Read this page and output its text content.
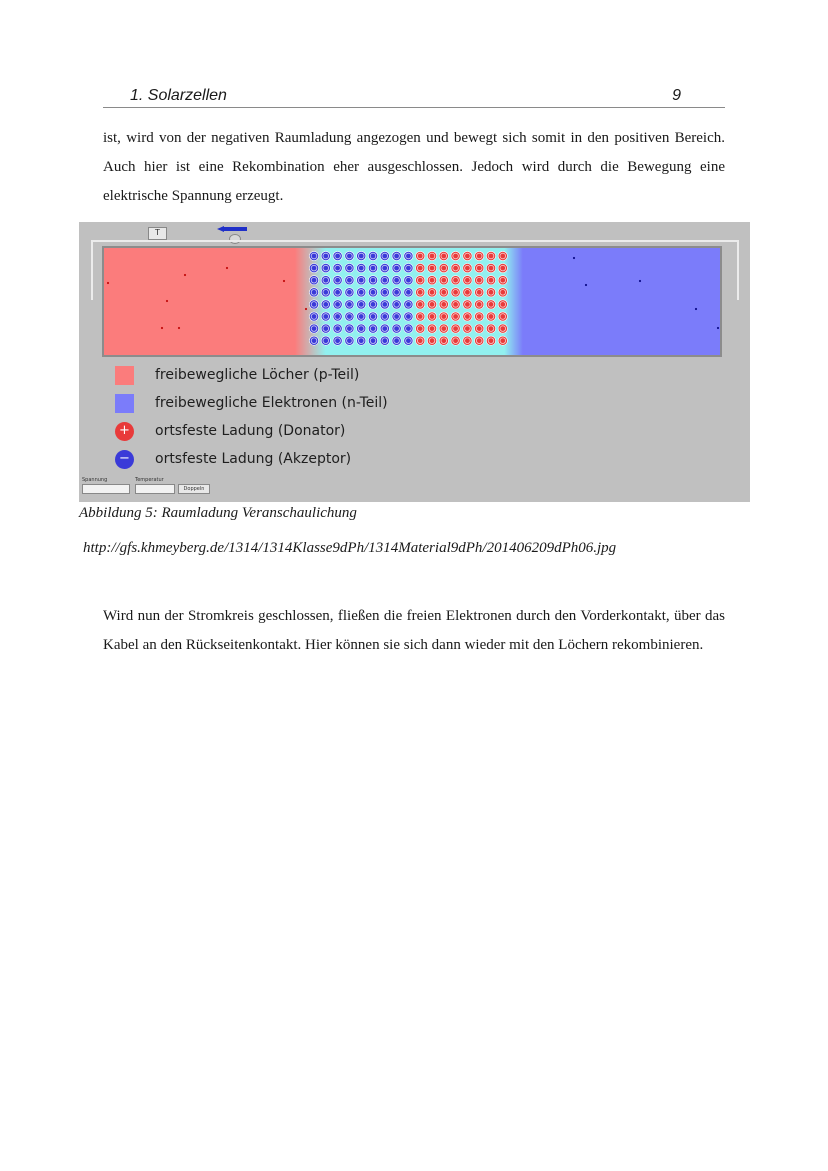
1. Solarzellen	9

ist, wird von der negativen Raumladung angezogen und bewegt sich somit in den positiven Bereich. Auch hier ist eine Rekombination eher ausgeschlossen. Jedoch wird durch die Bewegung eine elektrische Spannung erzeugt.

T
freibewegliche Löcher (p-Teil)
freibewegliche Elektronen (n-Teil)
+ ortsfeste Ladung (Donator)
− ortsfeste Ladung (Akzeptor)
Spannung	Temperatur
Doppeln
Abbildung 5: Raumladung Veranschaulichung
http://gfs.khmeyberg.de/1314/1314Klasse9dPh/1314Material9dPh/201406209dPh06.jpg

Wird nun der Stromkreis geschlossen, fließen die freien Elektronen durch den Vorderkontakt, über das Kabel an den Rückseitenkontakt. Hier können sie sich dann wieder mit den Löchern rekombinieren.
